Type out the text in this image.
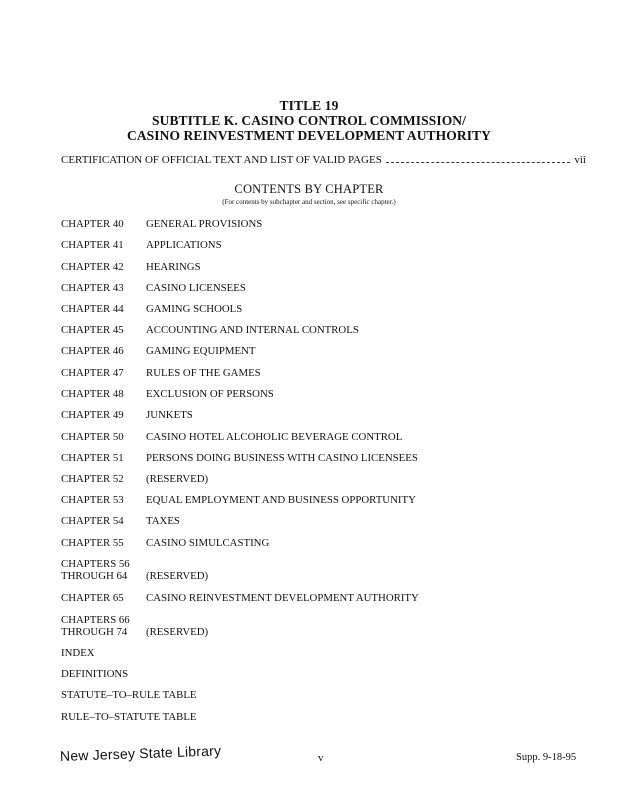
TITLE 19
SUBTITLE K. CASINO CONTROL COMMISSION/
CASINO REINVESTMENT DEVELOPMENT AUTHORITY
CERTIFICATION OF OFFICIAL TEXT AND LIST OF VALID PAGES	vii
CONTENTS BY CHAPTER
(For contents by subchapter and section, see specific chapter.)
CHAPTER 40	GENERAL PROVISIONS
CHAPTER 41	APPLICATIONS
CHAPTER 42	HEARINGS
CHAPTER 43	CASINO LICENSEES
CHAPTER 44	GAMING SCHOOLS
CHAPTER 45	ACCOUNTING AND INTERNAL CONTROLS
CHAPTER 46	GAMING EQUIPMENT
CHAPTER 47	RULES OF THE GAMES
CHAPTER 48	EXCLUSION OF PERSONS
CHAPTER 49	JUNKETS
CHAPTER 50	CASINO HOTEL ALCOHOLIC BEVERAGE CONTROL
CHAPTER 51	PERSONS DOING BUSINESS WITH CASINO LICENSEES
CHAPTER 52	(RESERVED)
CHAPTER 53	EQUAL EMPLOYMENT AND BUSINESS OPPORTUNITY
CHAPTER 54	TAXES
CHAPTER 55	CASINO SIMULCASTING
CHAPTERS 56
THROUGH 64	(RESERVED)
CHAPTER 65	CASINO REINVESTMENT DEVELOPMENT AUTHORITY
CHAPTERS 66
THROUGH 74	(RESERVED)
INDEX
DEFINITIONS
STATUTE–TO–RULE TABLE
RULE–TO–STATUTE TABLE
New Jersey State Library	v	Supp. 9-18-95
